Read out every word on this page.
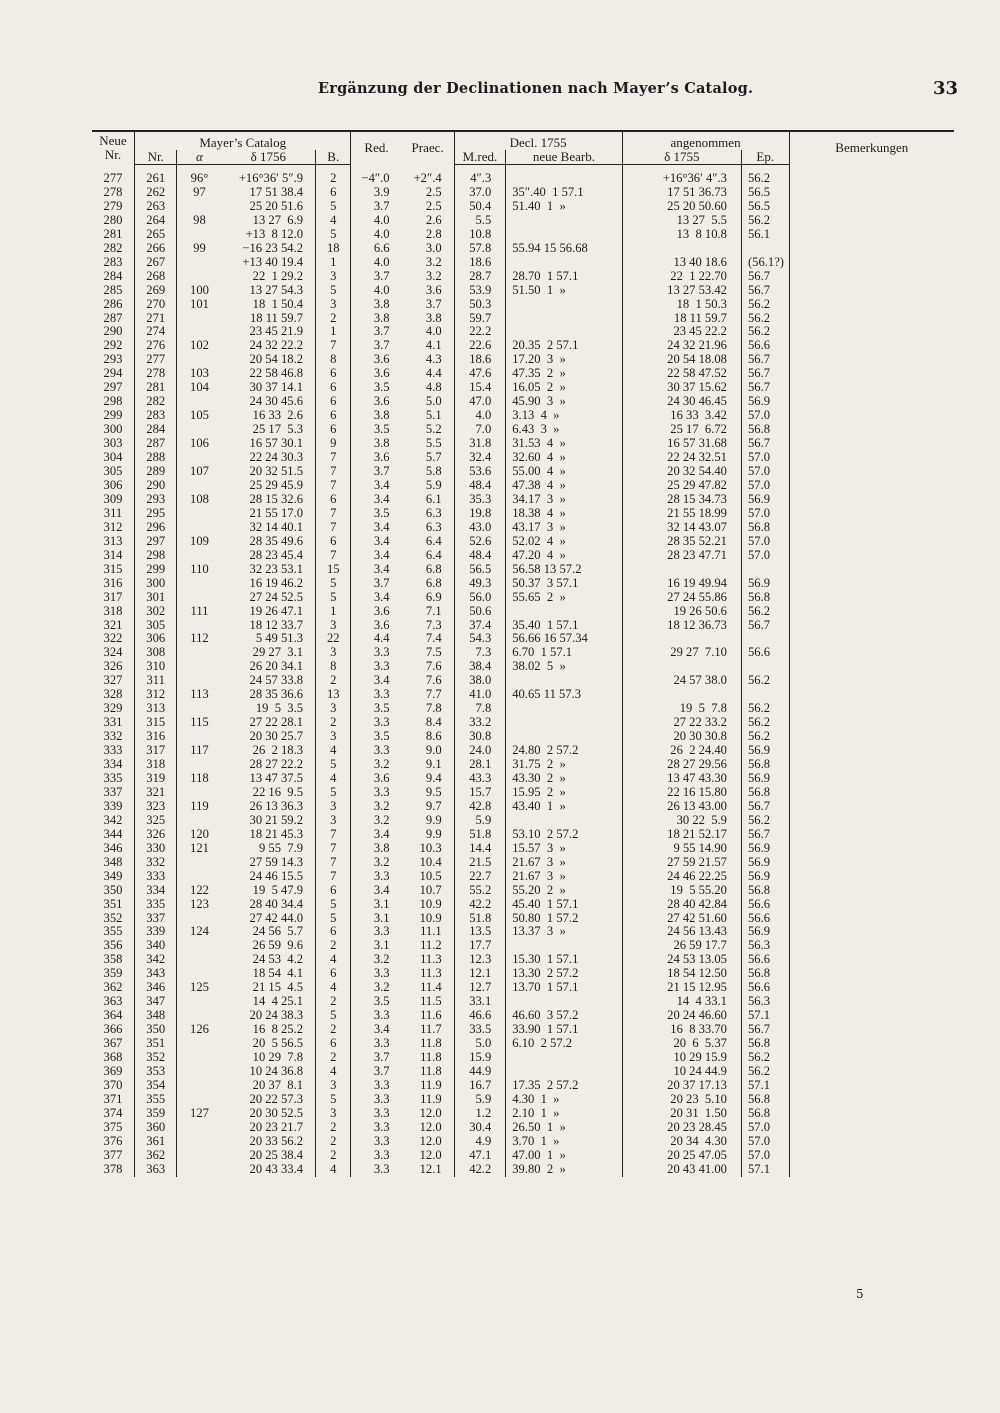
Ergänzung der Declinationen nach Mayer’s Catalog.	33
Neue
Nr.	Mayer’s Catalog				Red.	Praec.	Decl. 1755		angenommen		Bemerkungen
	Nr.	α	δ 1756	B.			M.red.	neue Bearb.	δ 1755	Ep.	
277	261	96°	+16°36′ 5″.9	2	−4″.0	+2″.4	4″.3		+16°36′ 4″.3	56.2	
278	262	97	17 51 38.4	6	3.9	2.5	37.0	35″.40  1 57.1	17 51 36.73	56.5	
279	263		25 20 51.6	5	3.7	2.5	50.4	51.40  1  »	25 20 50.60	56.5	
280	264	98	13 27  6.9	4	4.0	2.6	5.5		13 27  5.5	56.2	
281	265		+13  8 12.0	5	4.0	2.8	10.8		13  8 10.8	56.1	
282	266	99	−16 23 54.2	18	6.6	3.0	57.8	55.94 15 56.68			
283	267		+13 40 19.4	1	4.0	3.2	18.6		13 40 18.6	(56.1?)	
284	268		22  1 29.2	3	3.7	3.2	28.7	28.70  1 57.1	22  1 22.70	56.7	
285	269	100	13 27 54.3	5	4.0	3.6	53.9	51.50  1  »	13 27 53.42	56.7	
286	270	101	18  1 50.4	3	3.8	3.7	50.3		18  1 50.3	56.2	
287	271		18 11 59.7	2	3.8	3.8	59.7		18 11 59.7	56.2	
290	274		23 45 21.9	1	3.7	4.0	22.2		23 45 22.2	56.2	
292	276	102	24 32 22.2	7	3.7	4.1	22.6	20.35  2 57.1	24 32 21.96	56.6	
293	277		20 54 18.2	8	3.6	4.3	18.6	17.20  3  »	20 54 18.08	56.7	
294	278	103	22 58 46.8	6	3.6	4.4	47.6	47.35  2  »	22 58 47.52	56.7	
297	281	104	30 37 14.1	6	3.5	4.8	15.4	16.05  2  »	30 37 15.62	56.7	
298	282		24 30 45.6	6	3.6	5.0	47.0	45.90  3  »	24 30 46.45	56.9	
299	283	105	16 33  2.6	6	3.8	5.1	4.0	3.13  4  »	16 33  3.42	57.0	
300	284		25 17  5.3	6	3.5	5.2	7.0	6.43  3  »	25 17  6.72	56.8	
303	287	106	16 57 30.1	9	3.8	5.5	31.8	31.53  4  »	16 57 31.68	56.7	
304	288		22 24 30.3	7	3.6	5.7	32.4	32.60  4  »	22 24 32.51	57.0	
305	289	107	20 32 51.5	7	3.7	5.8	53.6	55.00  4  »	20 32 54.40	57.0	
306	290		25 29 45.9	7	3.4	5.9	48.4	47.38  4  »	25 29 47.82	57.0	
309	293	108	28 15 32.6	6	3.4	6.1	35.3	34.17  3  »	28 15 34.73	56.9	
311	295		21 55 17.0	7	3.5	6.3	19.8	18.38  4  »	21 55 18.99	57.0	
312	296		32 14 40.1	7	3.4	6.3	43.0	43.17  3  »	32 14 43.07	56.8	
313	297	109	28 35 49.6	6	3.4	6.4	52.6	52.02  4  »	28 35 52.21	57.0	
314	298		28 23 45.4	7	3.4	6.4	48.4	47.20  4  »	28 23 47.71	57.0	
315	299	110	32 23 53.1	15	3.4	6.8	56.5	56.58 13 57.2			
316	300		16 19 46.2	5	3.7	6.8	49.3	50.37  3 57.1	16 19 49.94	56.9	
317	301		27 24 52.5	5	3.4	6.9	56.0	55.65  2  »	27 24 55.86	56.8	
318	302	111	19 26 47.1	1	3.6	7.1	50.6		19 26 50.6	56.2	
321	305		18 12 33.7	3	3.6	7.3	37.4	35.40  1 57.1	18 12 36.73	56.7	
322	306	112	5 49 51.3	22	4.4	7.4	54.3	56.66 16 57.34			
324	308		29 27  3.1	3	3.3	7.5	7.3	6.70  1 57.1	29 27  7.10	56.6	
326	310		26 20 34.1	8	3.3	7.6	38.4	38.02  5  »			
327	311		24 57 33.8	2	3.4	7.6	38.0		24 57 38.0	56.2	
328	312	113	28 35 36.6	13	3.3	7.7	41.0	40.65 11 57.3			
329	313		19  5  3.5	3	3.5	7.8	7.8		19  5  7.8	56.2	
331	315	115	27 22 28.1	2	3.3	8.4	33.2		27 22 33.2	56.2	
332	316		20 30 25.7	3	3.5	8.6	30.8		20 30 30.8	56.2	
333	317	117	26  2 18.3	4	3.3	9.0	24.0	24.80  2 57.2	26  2 24.40	56.9	
334	318		28 27 22.2	5	3.2	9.1	28.1	31.75  2  »	28 27 29.56	56.8	
335	319	118	13 47 37.5	4	3.6	9.4	43.3	43.30  2  »	13 47 43.30	56.9	
337	321		22 16  9.5	5	3.3	9.5	15.7	15.95  2  »	22 16 15.80	56.8	
339	323	119	26 13 36.3	3	3.2	9.7	42.8	43.40  1  »	26 13 43.00	56.7	
342	325		30 21 59.2	3	3.2	9.9	5.9		30 22  5.9	56.2	
344	326	120	18 21 45.3	7	3.4	9.9	51.8	53.10  2 57.2	18 21 52.17	56.7	
346	330	121	9 55  7.9	7	3.8	10.3	14.4	15.57  3  »	9 55 14.90	56.9	
348	332		27 59 14.3	7	3.2	10.4	21.5	21.67  3  »	27 59 21.57	56.9	
349	333		24 46 15.5	7	3.3	10.5	22.7	21.67  3  »	24 46 22.25	56.9	
350	334	122	19  5 47.9	6	3.4	10.7	55.2	55.20  2  »	19  5 55.20	56.8	
351	335	123	28 40 34.4	5	3.1	10.9	42.2	45.40  1 57.1	28 40 42.84	56.6	
352	337		27 42 44.0	5	3.1	10.9	51.8	50.80  1 57.2	27 42 51.60	56.6	
355	339	124	24 56  5.7	6	3.3	11.1	13.5	13.37  3  »	24 56 13.43	56.9	
356	340		26 59  9.6	2	3.1	11.2	17.7		26 59 17.7	56.3	
358	342		24 53  4.2	4	3.2	11.3	12.3	15.30  1 57.1	24 53 13.05	56.6	
359	343		18 54  4.1	6	3.3	11.3	12.1	13.30  2 57.2	18 54 12.50	56.8	
362	346	125	21 15  4.5	4	3.2	11.4	12.7	13.70  1 57.1	21 15 12.95	56.6	
363	347		14  4 25.1	2	3.5	11.5	33.1		14  4 33.1	56.3	
364	348		20 24 38.3	5	3.3	11.6	46.6	46.60  3 57.2	20 24 46.60	57.1	
366	350	126	16  8 25.2	2	3.4	11.7	33.5	33.90  1 57.1	16  8 33.70	56.7	
367	351		20  5 56.5	6	3.3	11.8	5.0	6.10  2 57.2	20  6  5.37	56.8	
368	352		10 29  7.8	2	3.7	11.8	15.9		10 29 15.9	56.2	
369	353		10 24 36.8	4	3.7	11.8	44.9		10 24 44.9	56.2	
370	354		20 37  8.1	3	3.3	11.9	16.7	17.35  2 57.2	20 37 17.13	57.1	
371	355		20 22 57.3	5	3.3	11.9	5.9	4.30  1  »	20 23  5.10	56.8	
374	359	127	20 30 52.5	3	3.3	12.0	1.2	2.10  1  »	20 31  1.50	56.8	
375	360		20 23 21.7	2	3.3	12.0	30.4	26.50  1  »	20 23 28.45	57.0	
376	361		20 33 56.2	2	3.3	12.0	4.9	3.70  1  »	20 34  4.30	57.0	
377	362		20 25 38.4	2	3.3	12.0	47.1	47.00  1  »	20 25 47.05	57.0	
378	363		20 43 33.4	4	3.3	12.1	42.2	39.80  2  »	20 43 41.00	57.1	
5
